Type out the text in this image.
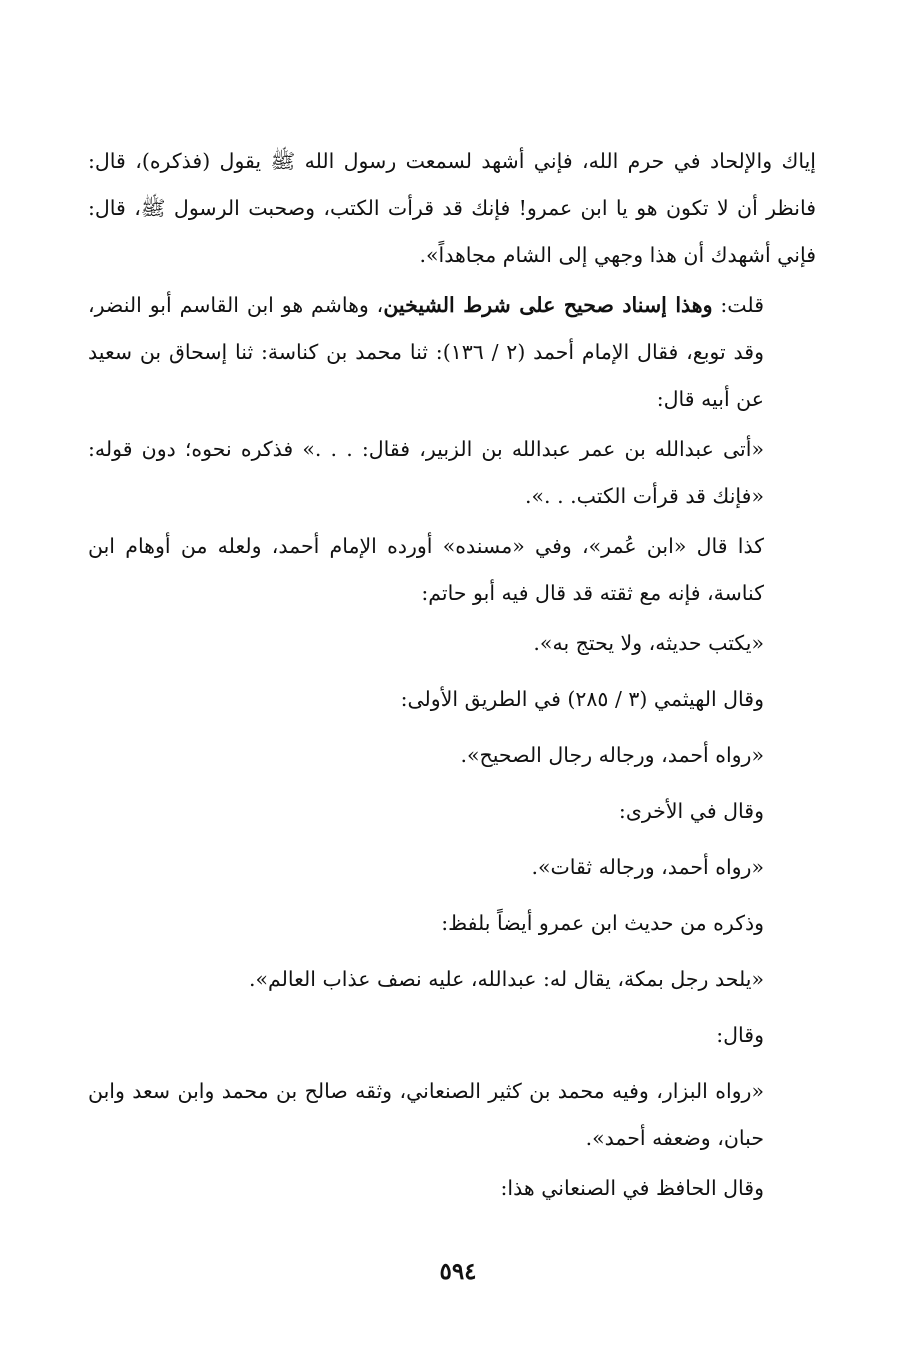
إياك والإلحاد في حرم الله، فإني أشهد لسمعت رسول الله ﷺ يقول (فذكره)، قال: فانظر أن لا تكون هو يا ابن عمرو! فإنك قد قرأت الكتب، وصحبت الرسول ﷺ، قال: فإني أشهدك أن هذا وجهي إلى الشام مجاهداً».

قلت: وهذا إسناد صحيح على شرط الشيخين، وهاشم هو ابن القاسم أبو النضر، وقد توبع، فقال الإمام أحمد (٢ / ١٣٦): ثنا محمد بن كناسة: ثنا إسحاق بن سعيد عن أبيه قال:

«أتى عبدالله بن عمر عبدالله بن الزبير، فقال: . . .» فذكره نحوه؛ دون قوله: «فإنك قد قرأت الكتب. . .».

كذا قال «ابن عُمر»، وفي «مسنده» أورده الإمام أحمد، ولعله من أوهام ابن كناسة، فإنه مع ثقته قد قال فيه أبو حاتم:

«يكتب حديثه، ولا يحتج به».

وقال الهيثمي (٣ / ٢٨٥) في الطريق الأولى:

«رواه أحمد، ورجاله رجال الصحيح».

وقال في الأخرى:

«رواه أحمد، ورجاله ثقات».

وذكره من حديث ابن عمرو أيضاً بلفظ:

«يلحد رجل بمكة، يقال له: عبدالله، عليه نصف عذاب العالم».

وقال:

«رواه البزار، وفيه محمد بن كثير الصنعاني، وثقه صالح بن محمد وابن سعد وابن حبان، وضعفه أحمد».

وقال الحافظ في الصنعاني هذا:

٥٩٤
